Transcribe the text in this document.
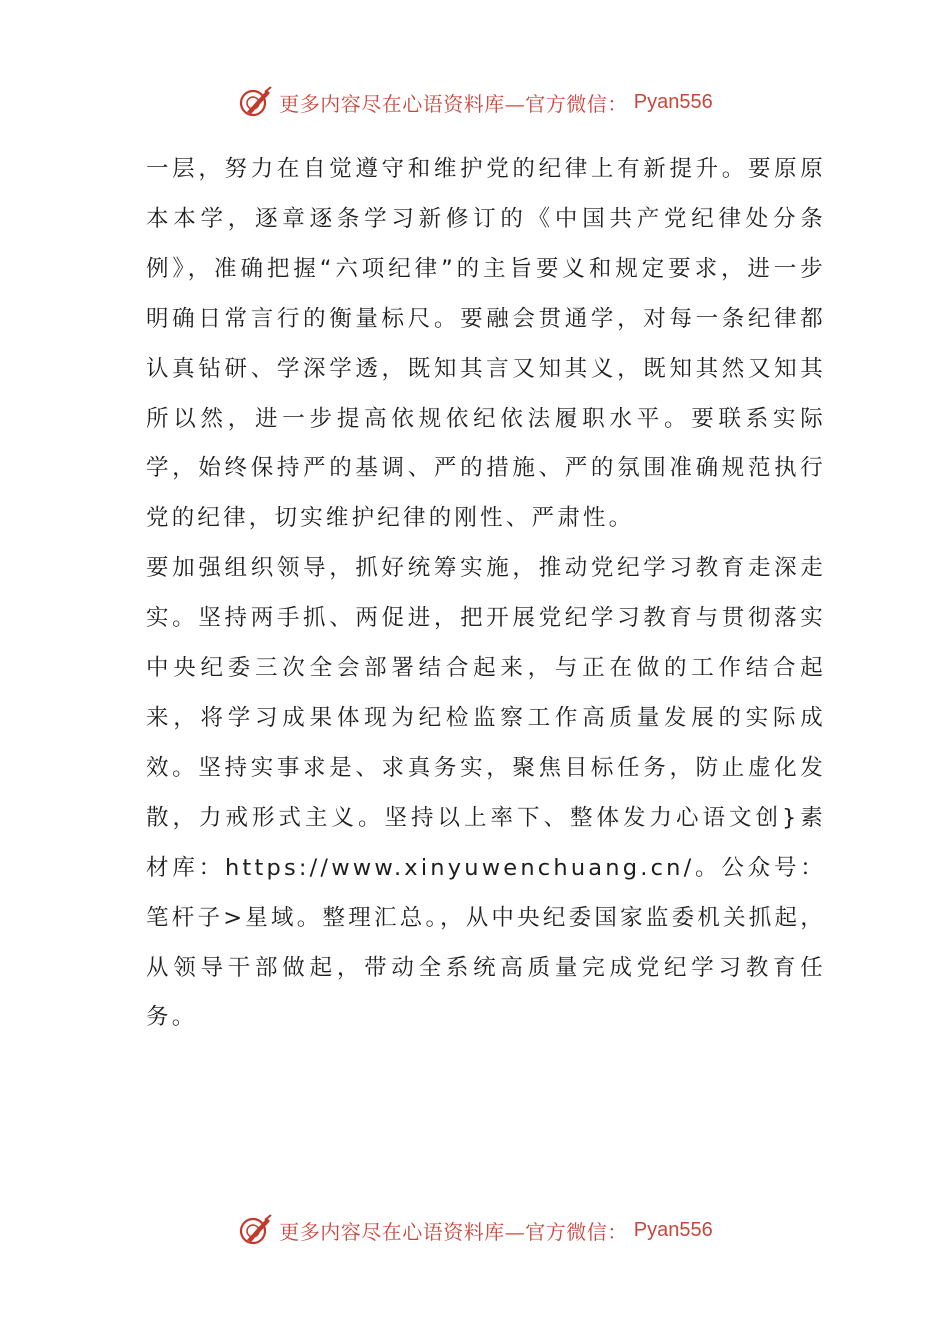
更多内容尽在心语资料库—官方微信： Pyan556

一层，努力在自觉遵守和维护党的纪律上有新提升。要原原本本学，逐章逐条学习新修订的《中国共产党纪律处分条例》，准确把握“六项纪律”的主旨要义和规定要求，进一步明确日常言行的衡量标尺。要融会贯通学，对每一条纪律都认真钻研、学深学透，既知其言又知其义，既知其然又知其所以然，进一步提高依规依纪依法履职水平。要联系实际学，始终保持严的基调、严的措施、严的氛围准确规范执行党的纪律，切实维护纪律的刚性、严肃性。

要加强组织领导，抓好统筹实施，推动党纪学习教育走深走实。坚持两手抓、两促进，把开展党纪学习教育与贯彻落实中央纪委三次全会部署结合起来，与正在做的工作结合起来，将学习成果体现为纪检监察工作高质量发展的实际成效。坚持实事求是、求真务实，聚焦目标任务，防止虚化发散，力戒形式主义。坚持以上率下、整体发力心语文创}素材库：https://www.xinyuwenchuang.cn/。公众号：笔杆子>星域。整理汇总。，从中央纪委国家监委机关抓起，从领导干部做起，带动全系统高质量完成党纪学习教育任务。

更多内容尽在心语资料库—官方微信： Pyan556
